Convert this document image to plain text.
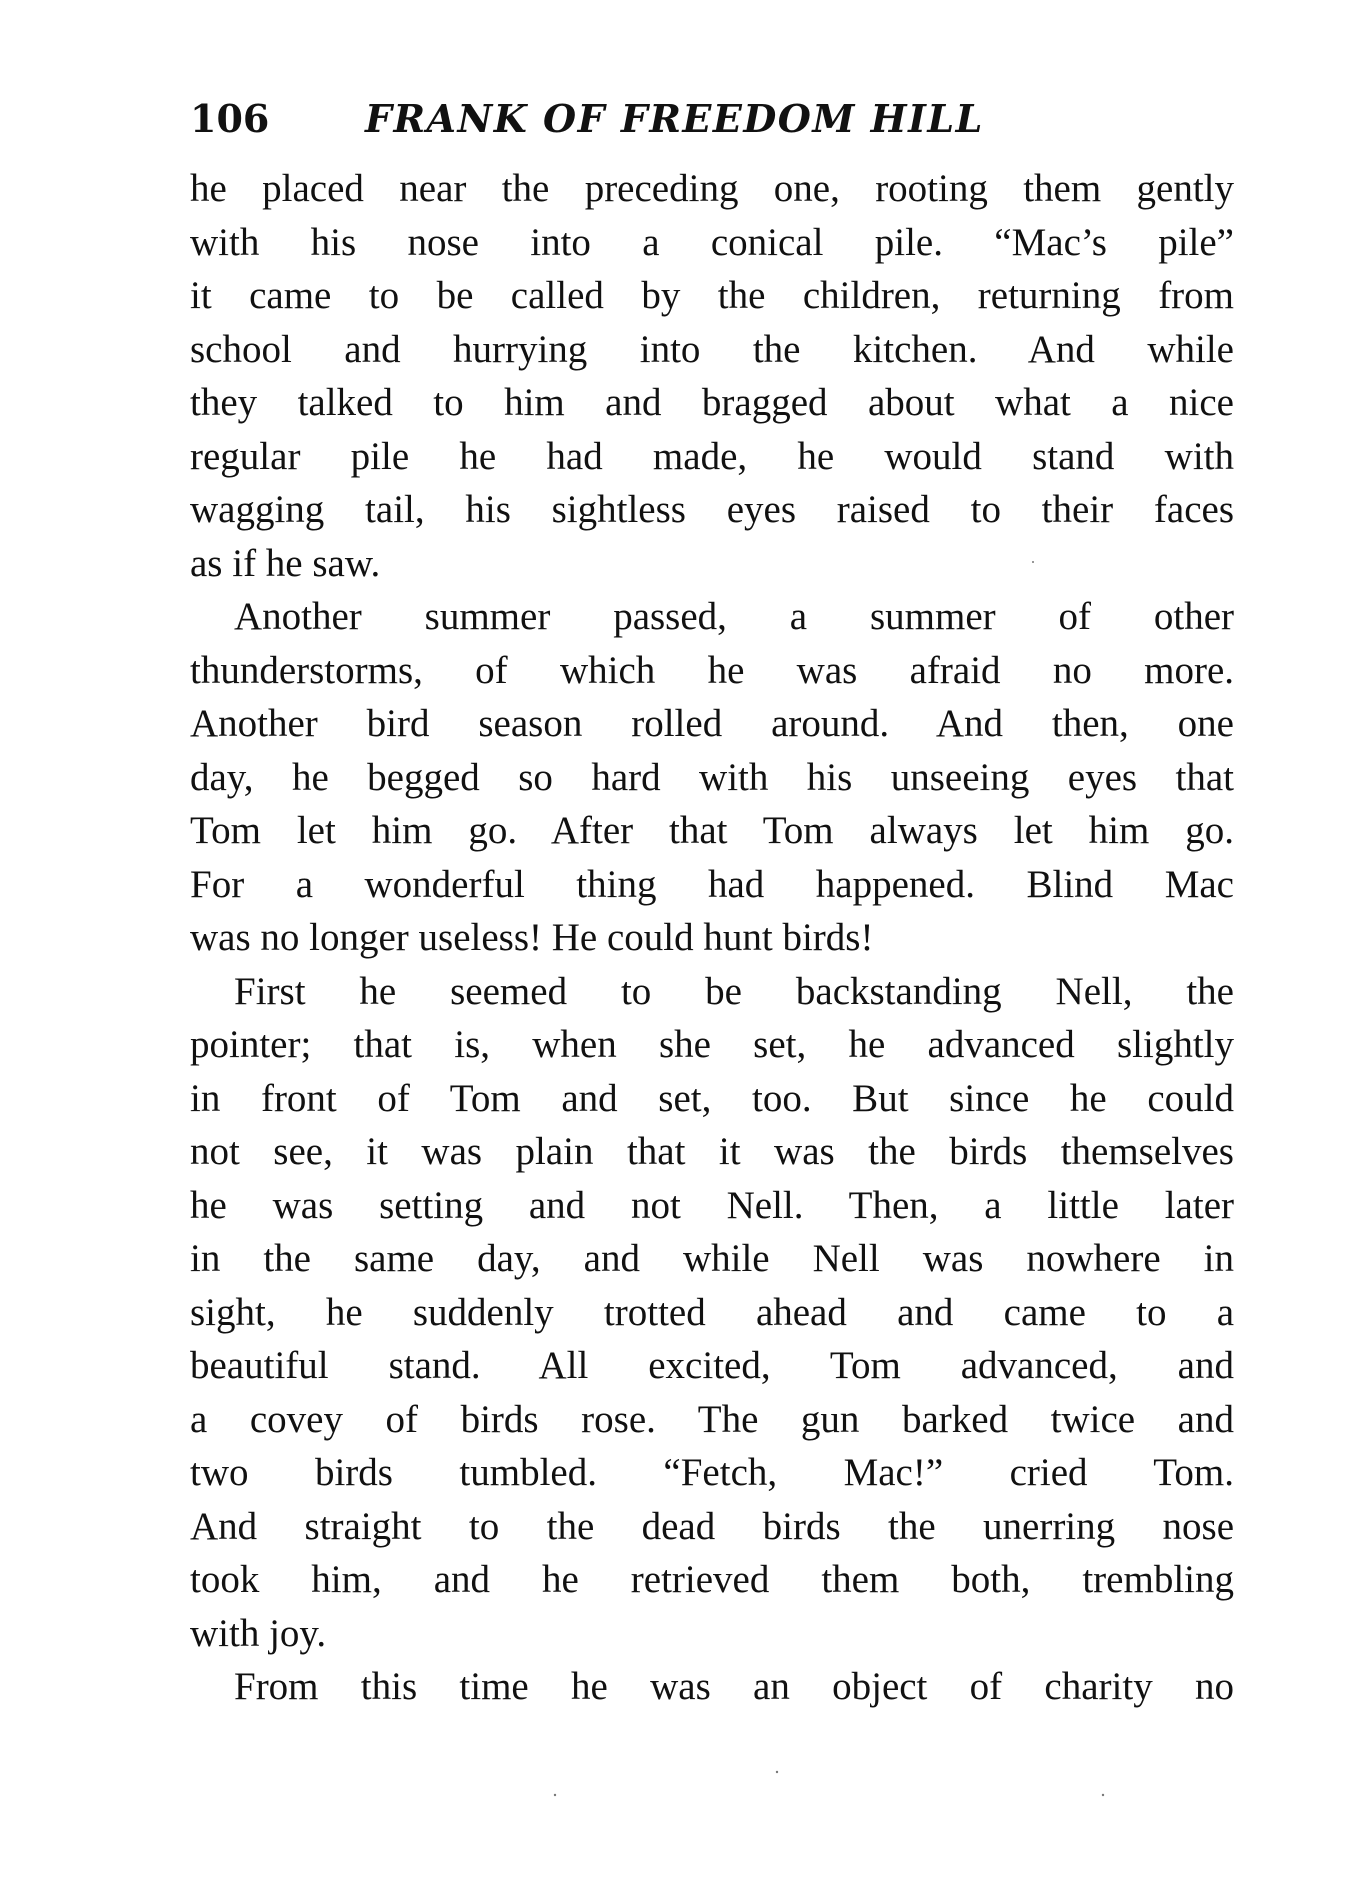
106	FRANK OF FREEDOM HILL
he placed near the preceding one, rooting them gently
with his nose into a conical pile. “Mac’s pile”
it came to be called by the children, returning from
school and hurrying into the kitchen. And while
they talked to him and bragged about what a nice
regular pile he had made, he would stand with
wagging tail, his sightless eyes raised to their faces
as if he saw.
Another summer passed, a summer of other
thunderstorms, of which he was afraid no more.
Another bird season rolled around. And then, one
day, he begged so hard with his unseeing eyes that
Tom let him go. After that Tom always let him go.
For a wonderful thing had happened. Blind Mac
was no longer useless! He could hunt birds!
First he seemed to be backstanding Nell, the
pointer; that is, when she set, he advanced slightly
in front of Tom and set, too. But since he could
not see, it was plain that it was the birds themselves
he was setting and not Nell. Then, a little later
in the same day, and while Nell was nowhere in
sight, he suddenly trotted ahead and came to a
beautiful stand. All excited, Tom advanced, and
a covey of birds rose. The gun barked twice and
two birds tumbled. “Fetch, Mac!” cried Tom.
And straight to the dead birds the unerring nose
took him, and he retrieved them both, trembling
with joy.
From this time he was an object of charity no
